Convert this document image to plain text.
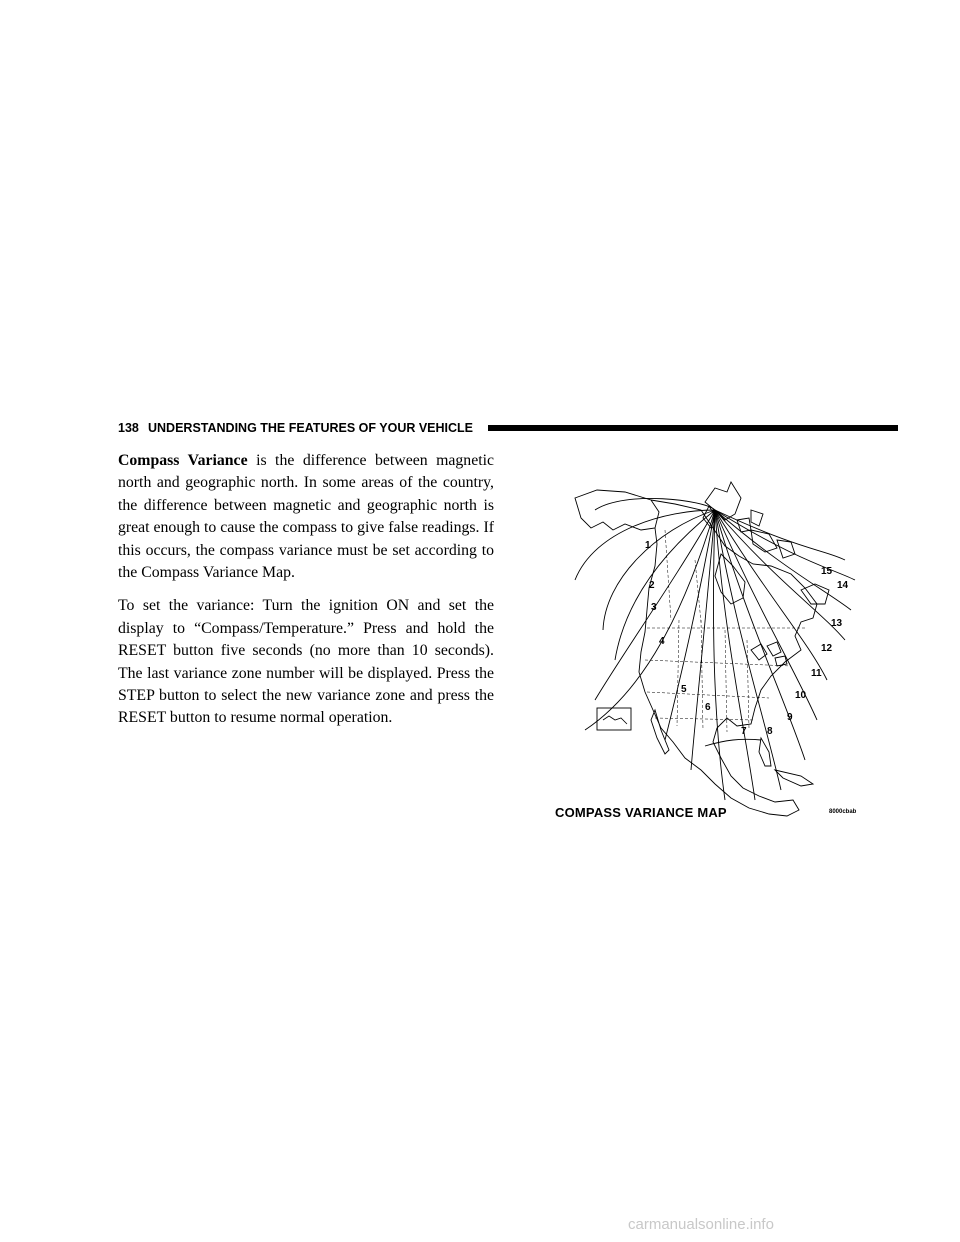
138 UNDERSTANDING THE FEATURES OF YOUR VEHICLE

Compass Variance is the difference between magnetic north and geographic north. In some areas of the country, the difference between magnetic and geographic north is great enough to cause the compass to give false readings. If this occurs, the compass variance must be set according to the Compass Variance Map.

To set the variance: Turn the ignition ON and set the display to “Compass/Temperature.” Press and hold the RESET button five seconds (no more than 10 seconds). The last variance zone number will be displayed. Press the STEP button to select the new variance zone and press the RESET button to resume normal operation.

1
2
3
4
5
6
7 8
9
10
11
12
13
14
15
COMPASS VARIANCE MAP	8000cbab
carmanualsonline.info
